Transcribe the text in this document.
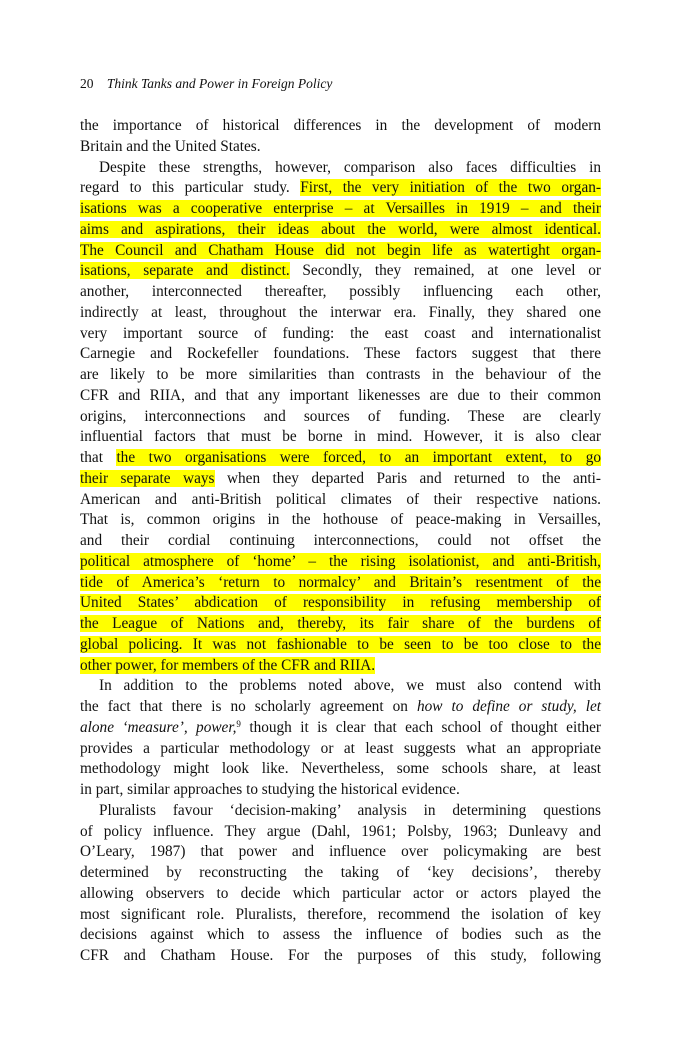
20 Think Tanks and Power in Foreign Policy
the importance of historical differences in the development of modern
Britain and the United States.
Despite these strengths, however, comparison also faces difficulties in
regard to this particular study. First, the very initiation of the two organ-
isations was a cooperative enterprise – at Versailles in 1919 – and their
aims and aspirations, their ideas about the world, were almost identical.
The Council and Chatham House did not begin life as watertight organ-
isations, separate and distinct. Secondly, they remained, at one level or
another, interconnected thereafter, possibly influencing each other,
indirectly at least, throughout the interwar era. Finally, they shared one
very important source of funding: the east coast and internationalist
Carnegie and Rockefeller foundations. These factors suggest that there
are likely to be more similarities than contrasts in the behaviour of the
CFR and RIIA, and that any important likenesses are due to their common
origins, interconnections and sources of funding. These are clearly
influential factors that must be borne in mind. However, it is also clear
that the two organisations were forced, to an important extent, to go
their separate ways when they departed Paris and returned to the anti-
American and anti-British political climates of their respective nations.
That is, common origins in the hothouse of peace-making in Versailles,
and their cordial continuing interconnections, could not offset the
political atmosphere of ‘home’ – the rising isolationist, and anti-British,
tide of America’s ‘return to normalcy’ and Britain’s resentment of the
United States’ abdication of responsibility in refusing membership of
the League of Nations and, thereby, its fair share of the burdens of
global policing. It was not fashionable to be seen to be too close to the
other power, for members of the CFR and RIIA.
In addition to the problems noted above, we must also contend with
the fact that there is no scholarly agreement on how to define or study, let
alone ‘measure’, power,$^9$ though it is clear that each school of thought either
provides a particular methodology or at least suggests what an appropriate
methodology might look like. Nevertheless, some schools share, at least
in part, similar approaches to studying the historical evidence.
Pluralists favour ‘decision-making’ analysis in determining questions
of policy influence. They argue (Dahl, 1961; Polsby, 1963; Dunleavy and
O’Leary, 1987) that power and influence over policymaking are best
determined by reconstructing the taking of ‘key decisions’, thereby
allowing observers to decide which particular actor or actors played the
most significant role. Pluralists, therefore, recommend the isolation of key
decisions against which to assess the influence of bodies such as the
CFR and Chatham House. For the purposes of this study, following
